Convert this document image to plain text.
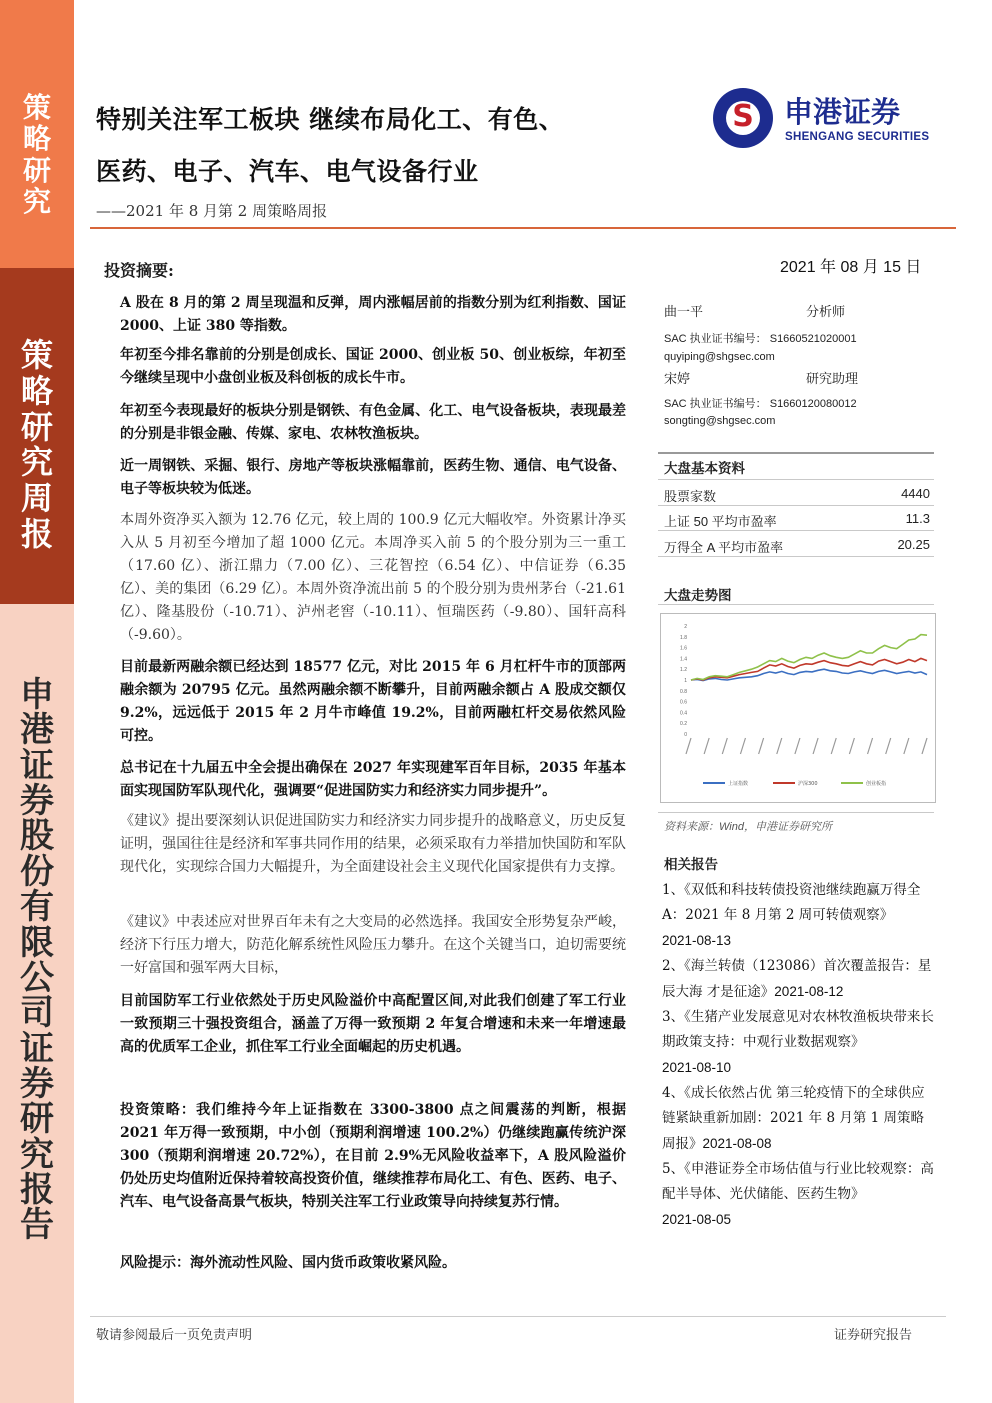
策
略
研
究
策
略
研
究
周
报
申
港
证
券
股
份
有
限
公
司
证
券
研
究
报
告
特别关注军工板块 继续布局化工、有色、
医药、电子、汽车、电气设备行业
——2021 年 8 月第 2 周策略周报
S 申港证券
SHENGANG SECURITIES
投资摘要:	2021 年 08 月 15 日
A 股在 8 月的第 2 周呈现温和反弹，周内涨幅居前的指数分别为红利指数、国证 2000、上证 380 等指数。
年初至今排名靠前的分别是创成长、国证 2000、创业板 50、创业板综，年初至今继续呈现中小盘创业板及科创板的成长牛市。
年初至今表现最好的板块分别是钢铁、有色金属、化工、电气设备板块，表现最差的分别是非银金融、传媒、家电、农林牧渔板块。
近一周钢铁、采掘、银行、房地产等板块涨幅靠前，医药生物、通信、电气设备、电子等板块较为低迷。
本周外资净买入额为 12.76 亿元，较上周的 100.9 亿元大幅收窄。外资累计净买入从 5 月初至今增加了超 1000 亿元。本周净买入前 5 的个股分别为三一重工（17.60 亿）、浙江鼎力（7.00 亿）、三花智控（6.54 亿）、中信证券（6.35 亿）、美的集团（6.29 亿）。本周外资净流出前 5 的个股分别为贵州茅台（-21.61 亿）、隆基股份（-10.71）、泸州老窖（-10.11）、恒瑞医药（-9.80）、国轩高科（-9.60）。
目前最新两融余额已经达到 18577 亿元，对比 2015 年 6 月杠杆牛市的顶部两融余额为 20795 亿元。虽然两融余额不断攀升，目前两融余额占 A 股成交额仅 9.2%，远远低于 2015 年 2 月牛市峰值 19.2%，目前两融杠杆交易依然风险可控。
总书记在十九届五中全会提出确保在 2027 年实现建军百年目标，2035 年基本面实现国防军队现代化，强调要“促进国防实力和经济实力同步提升”。
《建议》提出要深刻认识促进国防实力和经济实力同步提升的战略意义，历史反复证明，强国往往是经济和军事共同作用的结果，必须采取有力举措加快国防和军队现代化，实现综合国力大幅提升，为全面建设社会主义现代化国家提供有力支撑。
《建议》中表述应对世界百年未有之大变局的必然选择。我国安全形势复杂严峻，经济下行压力增大，防范化解系统性风险压力攀升。在这个关键当口，迫切需要统一好富国和强军两大目标，
目前国防军工行业依然处于历史风险溢价中高配置区间,对此我们创建了军工行业一致预期三十强投资组合，涵盖了万得一致预期 2 年复合增速和未来一年增速最高的优质军工企业，抓住军工行业全面崛起的历史机遇。
投资策略：我们维持今年上证指数在 3300-3800 点之间震荡的判断，根据 2021 年万得一致预期，中小创（预期利润增速 100.2%）仍继续跑赢传统沪深 300（预期利润增速 20.72%），在目前 2.9%无风险收益率下，A 股风险溢价仍处历史均值附近保持着较高投资价值，继续推荐布局化工、有色、医药、电子、汽车、电气设备高景气板块，特别关注军工行业政策导向持续复苏行情。
风险提示：海外流动性风险、国内货币政策收紧风险。
曲一平	分析师
SAC 执业证书编号： S1660521020001
quyiping@shgsec.com
宋婷	研究助理
SAC 执业证书编号： S1660120080012
songting@shgsec.com
大盘基本资料
股票家数	4440
上证 50 平均市盈率	11.3
万得全 A 平均市盈率	20.25
大盘走势图
0
0.2
0.4
0.6
0.8
1
1.2
1.4
1.6
1.8
2
上证指数	沪深300	创业板指
资料来源：Wind，申港证券研究所
相关报告
1、《双低和科技转债投资池继续跑赢万得全 A：2021 年 8 月第 2 周可转债观察》
2021-08-13
2、《海兰转债（123086）首次覆盖报告：星辰大海 才是征途》2021-08-12
3、《生猪产业发展意见对农林牧渔板块带来长期政策支持：中观行业数据观察》
2021-08-10
4、《成长依然占优 第三轮疫情下的全球供应链紧缺重新加剧：2021 年 8 月第 1 周策略周报》2021-08-08
5、《申港证券全市场估值与行业比较观察：高配半导体、光伏储能、医药生物》
2021-08-05
敬请参阅最后一页免责声明	证券研究报告
